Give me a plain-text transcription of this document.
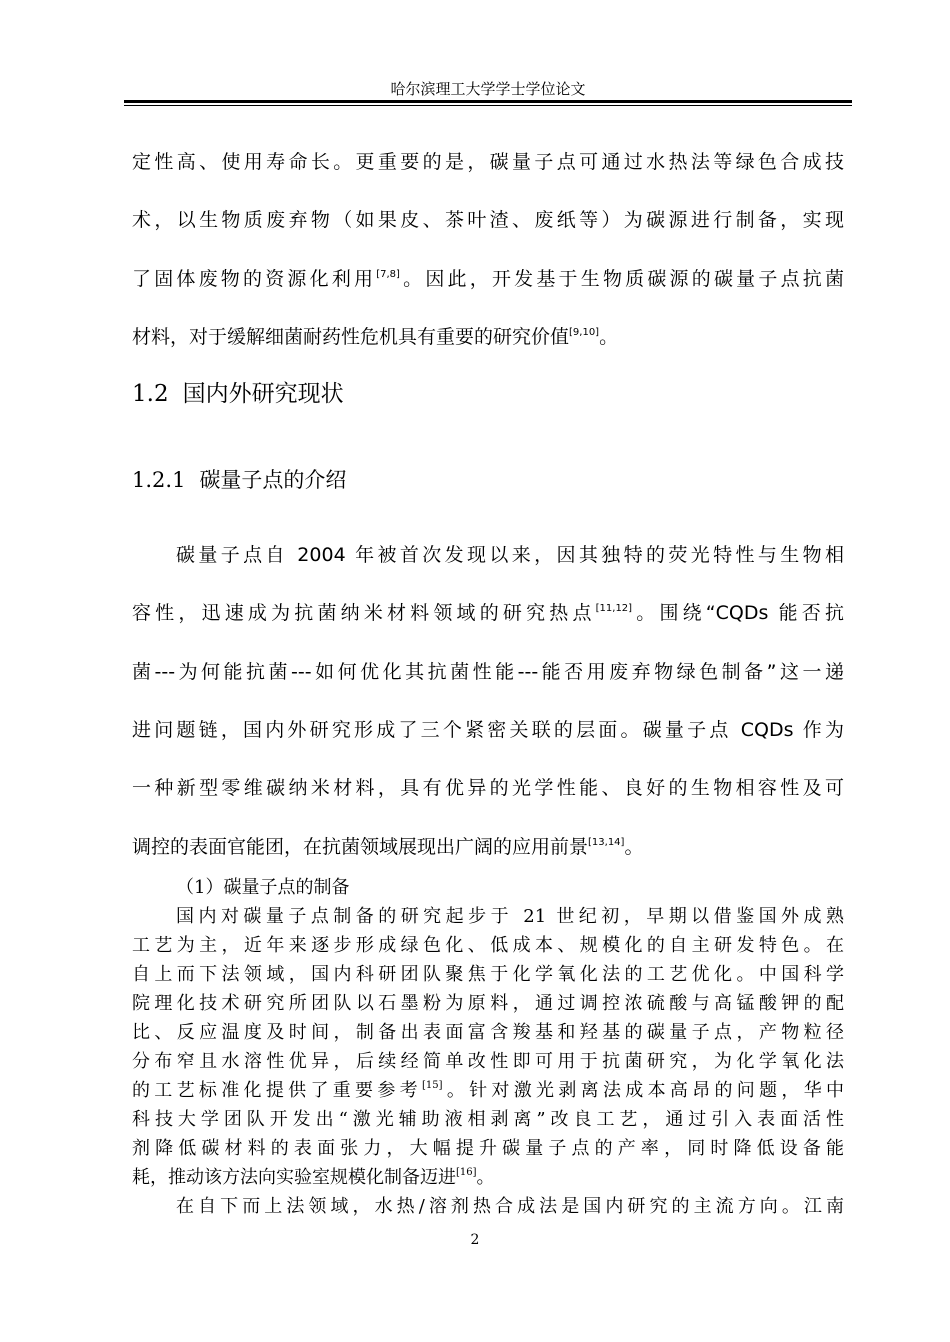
哈尔滨理工大学学士学位论文
定性高、使用寿命长。更重要的是，碳量子点可通过水热法等绿色合成技
术，以生物质废弃物（如果皮、茶叶渣、废纸等）为碳源进行制备，实现
了固体废物的资源化利用[7,8]。因此，开发基于生物质碳源的碳量子点抗菌
材料，对于缓解细菌耐药性危机具有重要的研究价值[9,10]。
1.2 国内外研究现状
1.2.1 碳量子点的介绍
碳量子点自 2004 年被首次发现以来，因其独特的荧光特性与生物相
容性，迅速成为抗菌纳米材料领域的研究热点[11,12]。围绕“CQDs 能否抗
菌---为何能抗菌---如何优化其抗菌性能---能否用废弃物绿色制备”这一递
进问题链，国内外研究形成了三个紧密关联的层面。碳量子点 CQDs 作为
一种新型零维碳纳米材料，具有优异的光学性能、良好的生物相容性及可
调控的表面官能团，在抗菌领域展现出广阔的应用前景[13,14]。
（1）碳量子点的制备
国内对碳量子点制备的研究起步于 21 世纪初，早期以借鉴国外成熟
工艺为主，近年来逐步形成绿色化、低成本、规模化的自主研发特色。在
自上而下法领域，国内科研团队聚焦于化学氧化法的工艺优化。中国科学
院理化技术研究所团队以石墨粉为原料，通过调控浓硫酸与高锰酸钾的配
比、反应温度及时间，制备出表面富含羧基和羟基的碳量子点，产物粒径
分布窄且水溶性优异，后续经简单改性即可用于抗菌研究，为化学氧化法
的工艺标准化提供了重要参考[15]。针对激光剥离法成本高昂的问题，华中
科技大学团队开发出“激光辅助液相剥离”改良工艺，通过引入表面活性
剂降低碳材料的表面张力，大幅提升碳量子点的产率，同时降低设备能
耗，推动该方法向实验室规模化制备迈进[16]。
在自下而上法领域，水热/溶剂热合成法是国内研究的主流方向。江南
2
